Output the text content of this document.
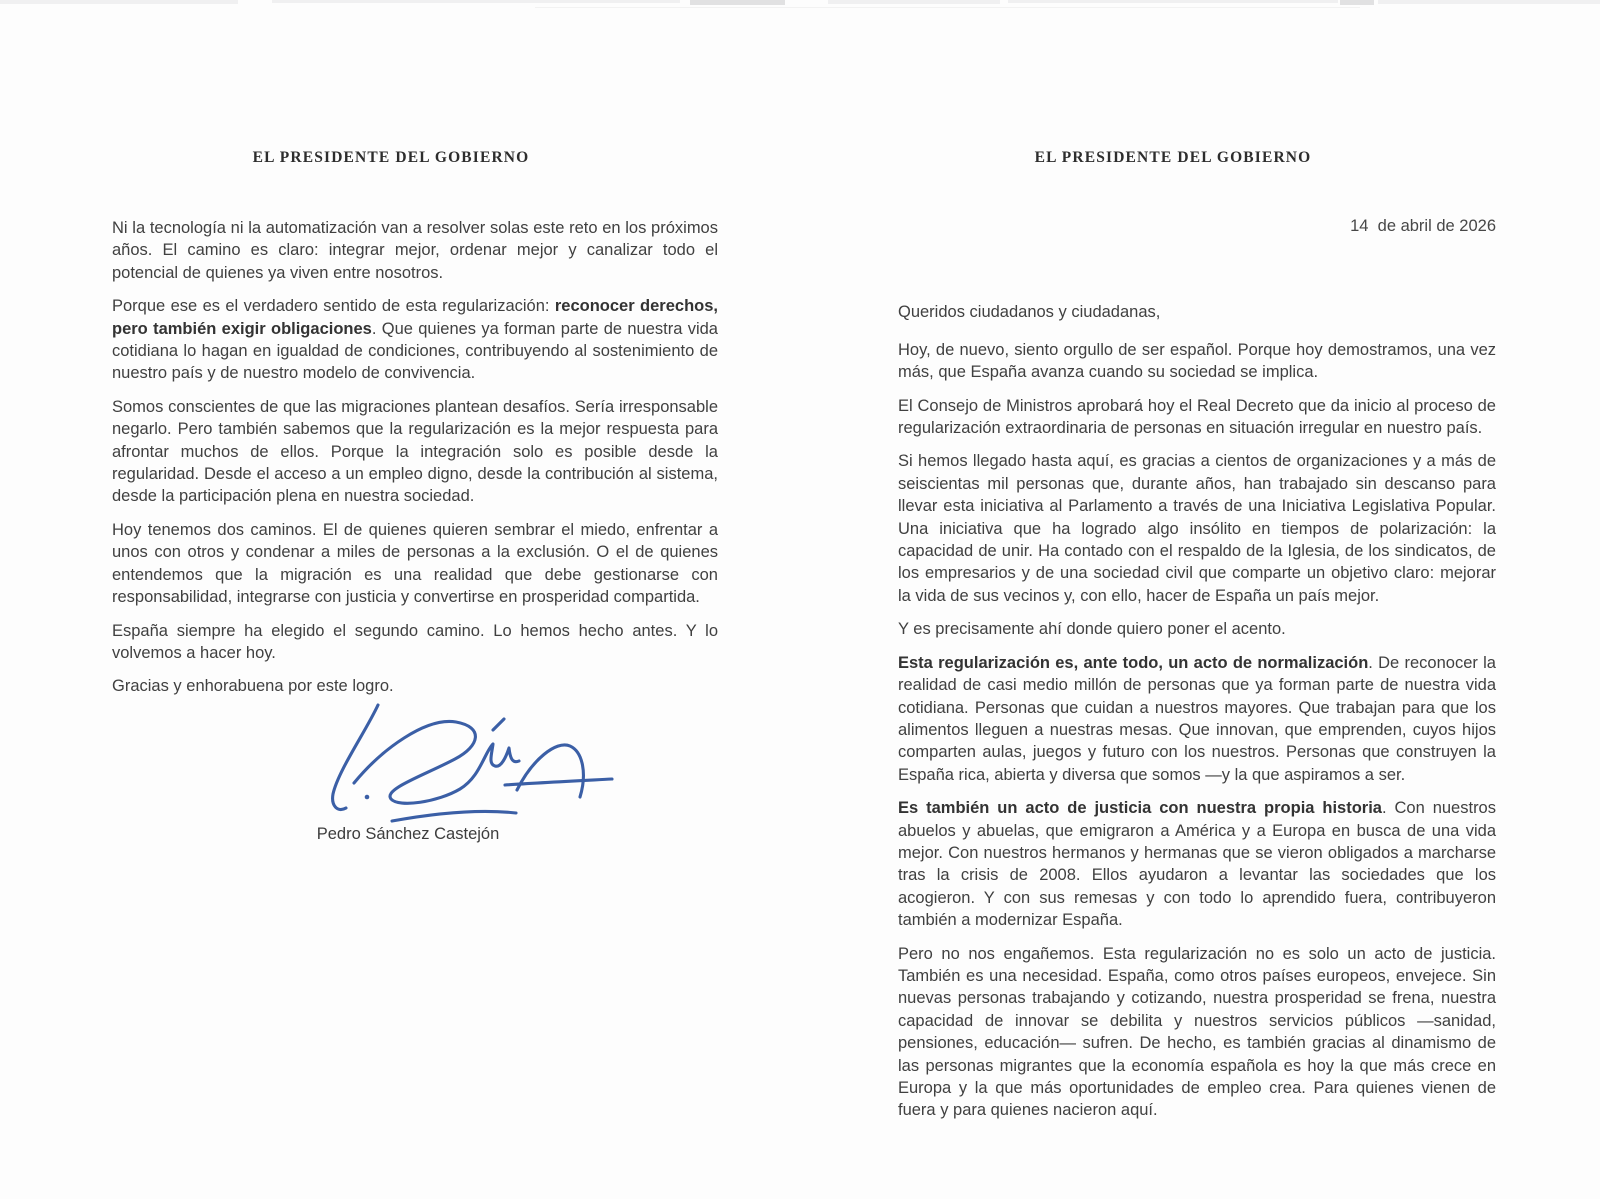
EL PRESIDENTE DEL GOBIERNO

Ni la tecnología ni la automatización van a resolver solas este reto en los próximos años. El camino es claro: integrar mejor, ordenar mejor y canalizar todo el potencial de quienes ya viven entre nosotros.

Porque ese es el verdadero sentido de esta regularización: reconocer derechos, pero también exigir obligaciones. Que quienes ya forman parte de nuestra vida cotidiana lo hagan en igualdad de condiciones, contribuyendo al sostenimiento de nuestro país y de nuestro modelo de convivencia.

Somos conscientes de que las migraciones plantean desafíos. Sería irresponsable negarlo. Pero también sabemos que la regularización es la mejor respuesta para afrontar muchos de ellos. Porque la integración solo es posible desde la regularidad. Desde el acceso a un empleo digno, desde la contribución al sistema, desde la participación plena en nuestra sociedad.

Hoy tenemos dos caminos. El de quienes quieren sembrar el miedo, enfrentar a unos con otros y condenar a miles de personas a la exclusión. O el de quienes entendemos que la migración es una realidad que debe gestionarse con responsabilidad, integrarse con justicia y convertirse en prosperidad compartida.

España siempre ha elegido el segundo camino. Lo hemos hecho antes. Y lo volvemos a hacer hoy.

Gracias y enhorabuena por este logro.

Pedro Sánchez Castejón
EL PRESIDENTE DEL GOBIERNO
14  de abril de 2026

Queridos ciudadanos y ciudadanas,

Hoy, de nuevo, siento orgullo de ser español. Porque hoy demostramos, una vez más, que España avanza cuando su sociedad se implica.

El Consejo de Ministros aprobará hoy el Real Decreto que da inicio al proceso de regularización extraordinaria de personas en situación irregular en nuestro país.

Si hemos llegado hasta aquí, es gracias a cientos de organizaciones y a más de seiscientas mil personas que, durante años, han trabajado sin descanso para llevar esta iniciativa al Parlamento a través de una Iniciativa Legislativa Popular. Una iniciativa que ha logrado algo insólito en tiempos de polarización: la capacidad de unir. Ha contado con el respaldo de la Iglesia, de los sindicatos, de los empresarios y de una sociedad civil que comparte un objetivo claro: mejorar la vida de sus vecinos y, con ello, hacer de España un país mejor.

Y es precisamente ahí donde quiero poner el acento.

Esta regularización es, ante todo, un acto de normalización. De reconocer la realidad de casi medio millón de personas que ya forman parte de nuestra vida cotidiana. Personas que cuidan a nuestros mayores. Que trabajan para que los alimentos lleguen a nuestras mesas. Que innovan, que emprenden, cuyos hijos comparten aulas, juegos y futuro con los nuestros. Personas que construyen la España rica, abierta y diversa que somos —y la que aspiramos a ser.

Es también un acto de justicia con nuestra propia historia. Con nuestros abuelos y abuelas, que emigraron a América y a Europa en busca de una vida mejor. Con nuestros hermanos y hermanas que se vieron obligados a marcharse tras la crisis de 2008. Ellos ayudaron a levantar las sociedades que los acogieron. Y con sus remesas y con todo lo aprendido fuera, contribuyeron también a modernizar España.

Pero no nos engañemos. Esta regularización no es solo un acto de justicia. También es una necesidad. España, como otros países europeos, envejece. Sin nuevas personas trabajando y cotizando, nuestra prosperidad se frena, nuestra capacidad de innovar se debilita y nuestros servicios públicos —sanidad, pensiones, educación— sufren. De hecho, es también gracias al dinamismo de las personas migrantes que la economía española es hoy la que más crece en Europa y la que más oportunidades de empleo crea. Para quienes vienen de fuera y para quienes nacieron aquí.
